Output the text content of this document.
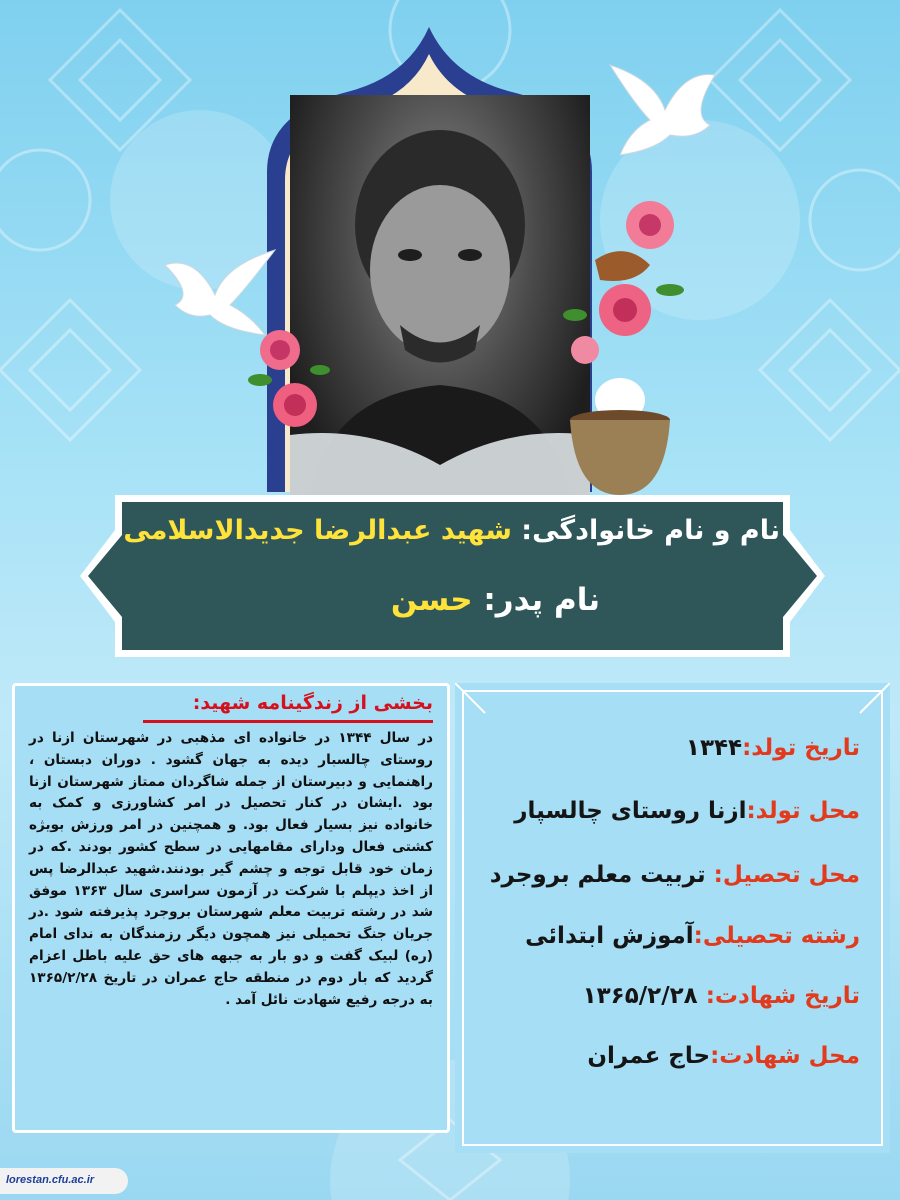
نام و نام خانوادگی: شهید عبدالرضا جدیدالاسلامی
نام پدر: حسن
بخشی از زندگینامه شهید:
در سال ۱۳۴۴ در خانواده ای مذهبی در شهرستان ازنا در روستای چالسبار دیده به جهان گشود . دوران دبستان ، راهنمایی و دبیرستان از جمله شاگردان ممتاز شهرستان ازنا بود .ایشان در کنار تحصیل در امر کشاورزی و کمک به خانواده نیز بسیار فعال بود. و همچنین در امر ورزش بویژه کشتی فعال ودارای مقامهایی در سطح کشور بودند .که در زمان خود قابل توجه و چشم گیر بودنند.شهید عبدالرضا پس از اخذ دیپلم با شرکت در آزمون سراسری سال ۱۳۶۳ موفق شد در رشته تربیت معلم شهرستان بروجرد پذیرفته شود .در جریان جنگ تحمیلی نیز همچون دیگر رزمندگان به ندای امام (ره) لبیک گفت و دو بار به جبهه های حق علیه باطل اعزام گردید که بار دوم در منطقه حاج عمران در تاریخ ۱۳۶۵/۲/۲۸ به درجه رفیع شهادت نائل آمد .
تاریخ تولد:۱۳۴۴
محل تولد:ازنا روستای چالسپار
محل تحصیل: تربیت معلم بروجرد
رشته تحصیلی:آموزش ابتدائی
تاریخ شهادت: ۱۳۶۵/۲/۲۸
محل شهادت:حاج عمران
lorestan.cfu.ac.ir
